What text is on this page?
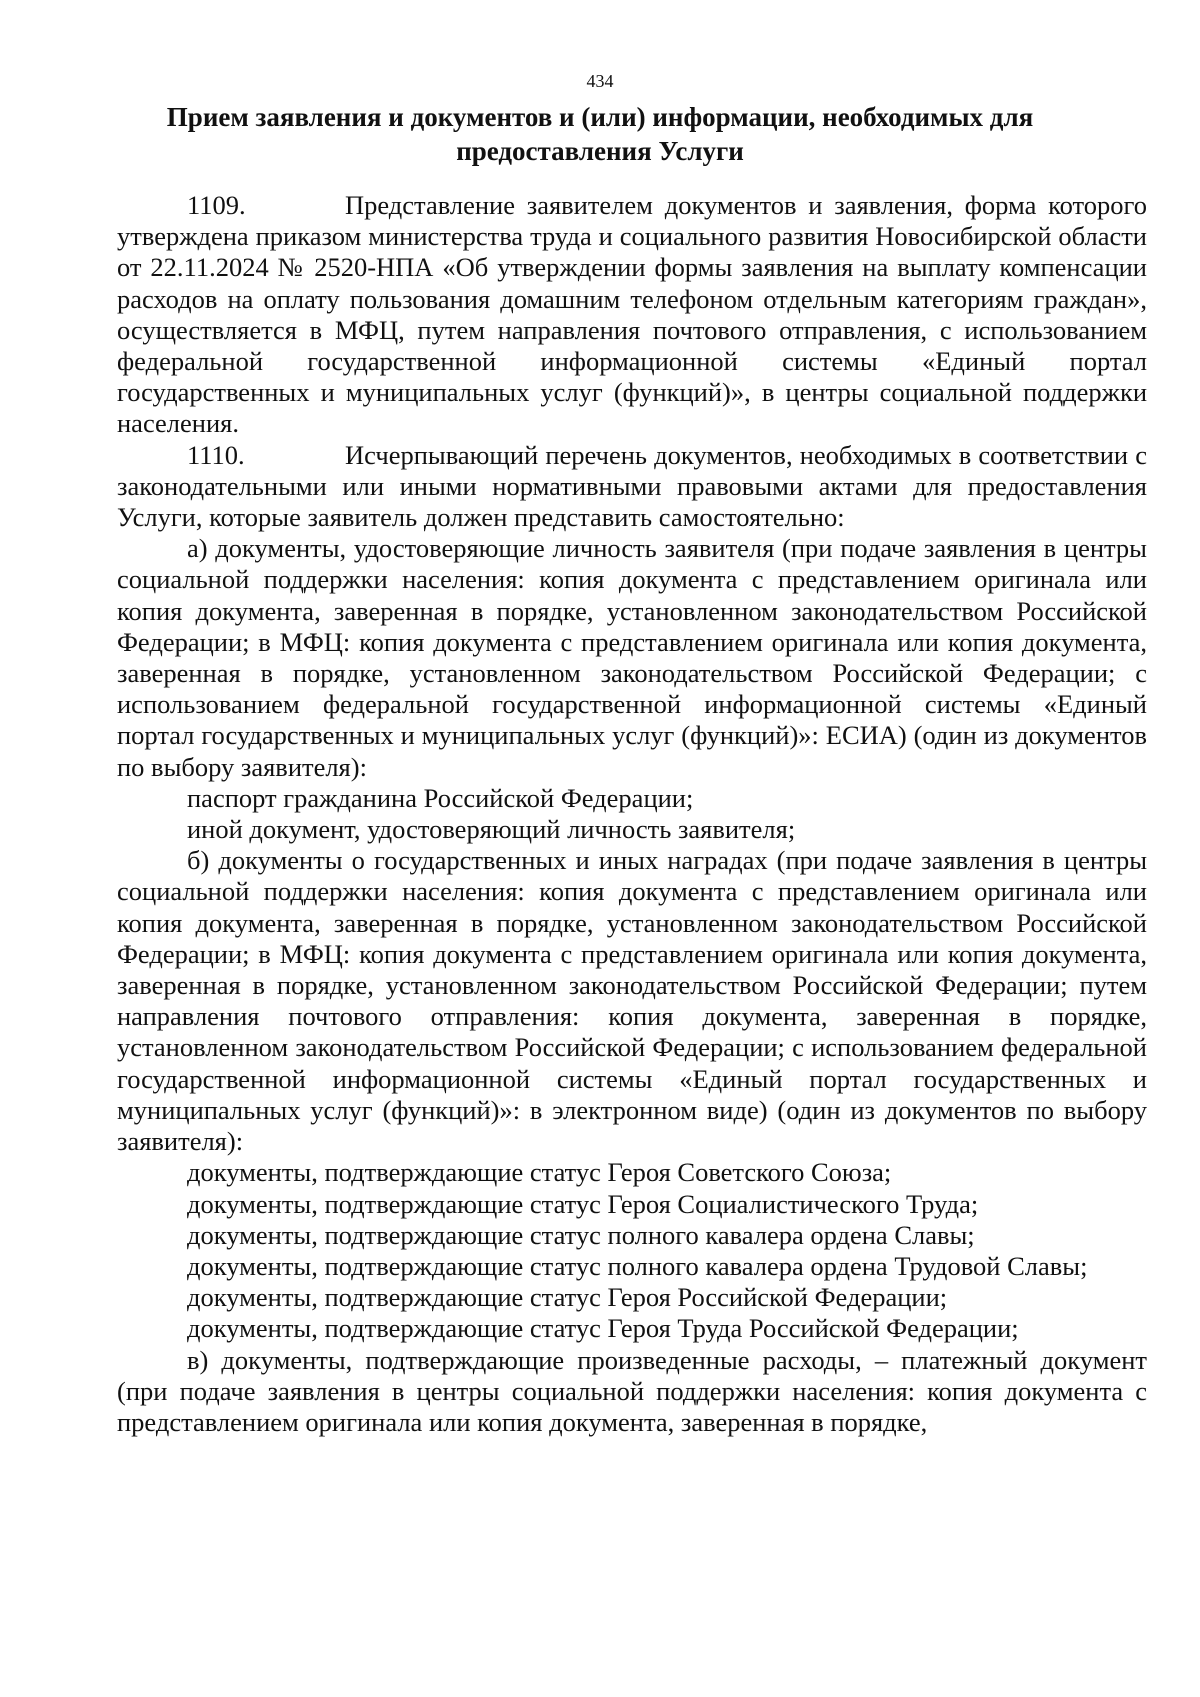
434
Прием заявления и документов и (или) информации, необходимых для
предоставления Услуги

1109.	Представление заявителем документов и заявления, форма которого утверждена приказом министерства труда и социального развития Новосибирской области от 22.11.2024 № 2520-НПА «Об утверждении формы заявления на выплату компенсации расходов на оплату пользования домашним телефоном отдельным категориям граждан», осуществляется в МФЦ, путем направления почтового отправления, с использованием федеральной государственной информационной системы «Единый портал государственных и муниципальных услуг (функций)», в центры социальной поддержки населения.

1110.	Исчерпывающий перечень документов, необходимых в соответствии с законодательными или иными нормативными правовыми актами для предоставления Услуги, которые заявитель должен представить самостоятельно:

а) документы, удостоверяющие личность заявителя (при подаче заявления в центры социальной поддержки населения: копия документа с представлением оригинала или копия документа, заверенная в порядке, установленном законодательством Российской Федерации; в МФЦ: копия документа с представлением оригинала или копия документа, заверенная в порядке, установленном законодательством Российской Федерации; с использованием федеральной государственной информационной системы «Единый портал государственных и муниципальных услуг (функций)»: ЕСИА) (один из документов по выбору заявителя):

паспорт гражданина Российской Федерации;

иной документ, удостоверяющий личность заявителя;

б) документы о государственных и иных наградах (при подаче заявления в центры социальной поддержки населения: копия документа с представлением оригинала или копия документа, заверенная в порядке, установленном законодательством Российской Федерации; в МФЦ: копия документа с представлением оригинала или копия документа, заверенная в порядке, установленном законодательством Российской Федерации; путем направления почтового отправления: копия документа, заверенная в порядке, установленном законодательством Российской Федерации; с использованием федеральной государственной информационной системы «Единый портал государственных и муниципальных услуг (функций)»: в электронном виде) (один из документов по выбору заявителя):

документы, подтверждающие статус Героя Советского Союза;

документы, подтверждающие статус Героя Социалистического Труда;

документы, подтверждающие статус полного кавалера ордена Славы;

документы, подтверждающие статус полного кавалера ордена Трудовой Славы;

документы, подтверждающие статус Героя Российской Федерации;

документы, подтверждающие статус Героя Труда Российской Федерации;

в) документы, подтверждающие произведенные расходы, – платежный документ (при подаче заявления в центры социальной поддержки населения: копия документа с представлением оригинала или копия документа, заверенная в порядке,
